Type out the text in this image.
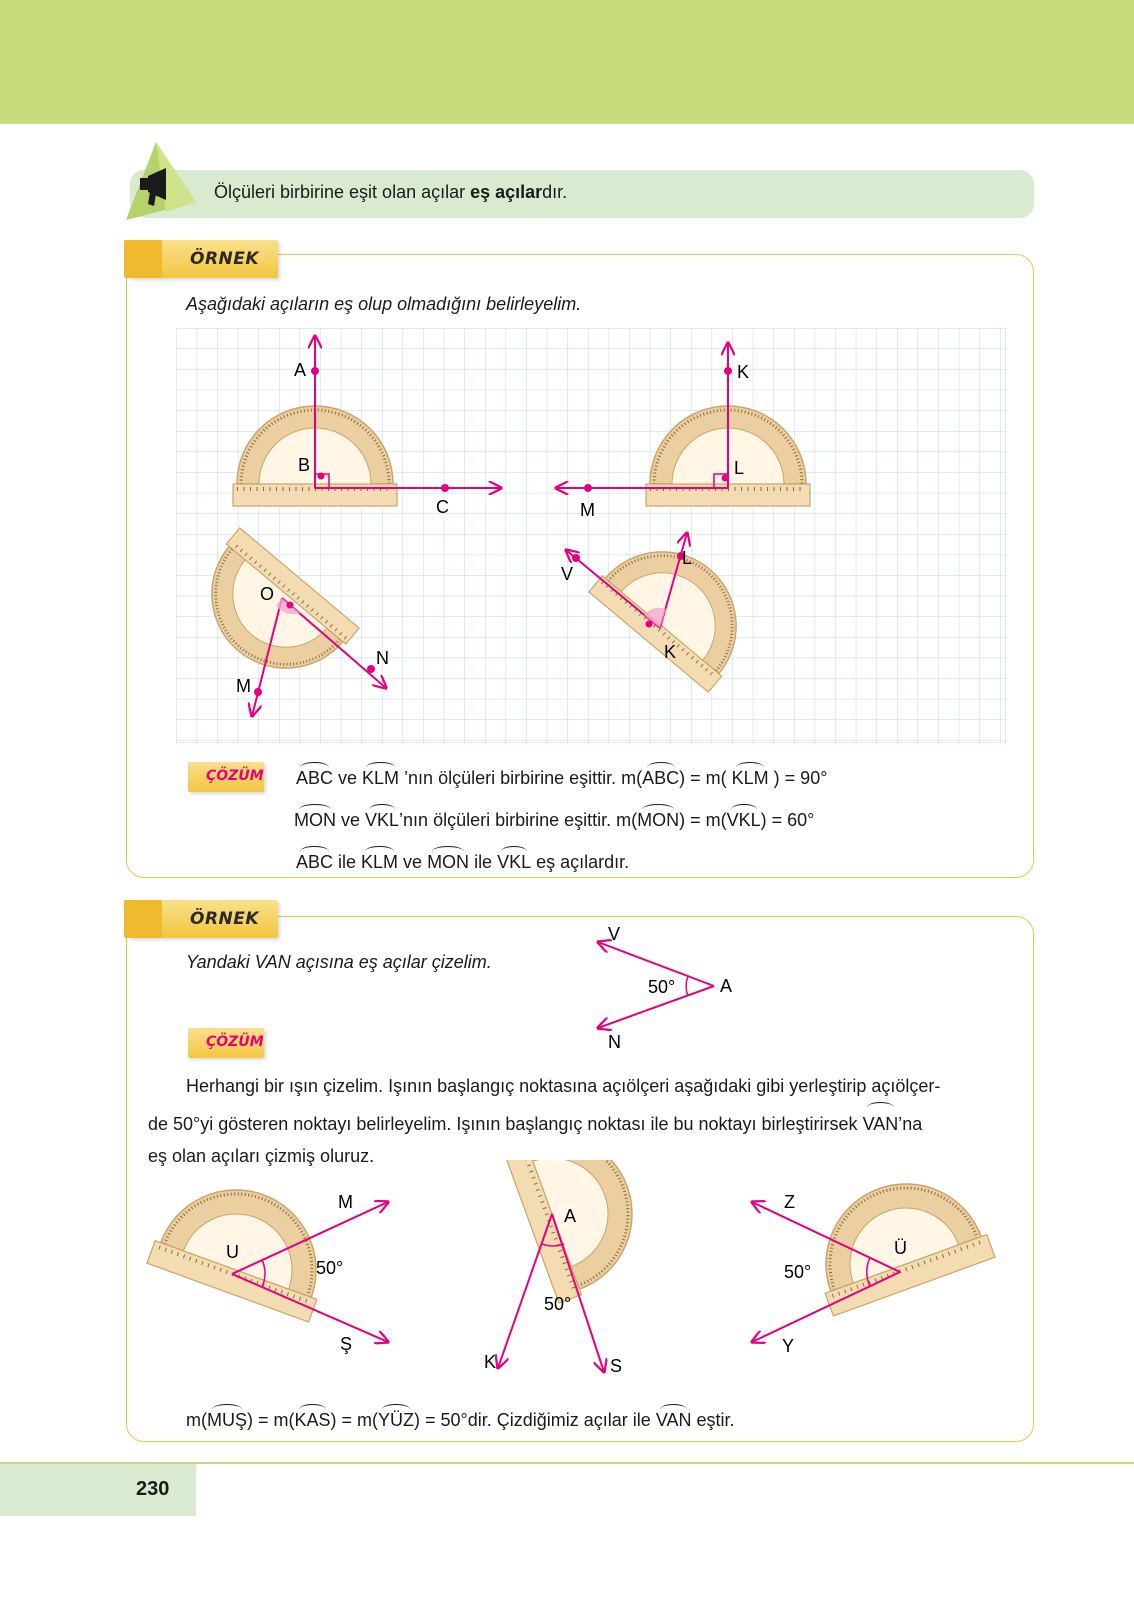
Ölçüleri birbirine eşit olan açılar eş açılardır.
ÖRNEK
Aşağıdaki açıların eş olup olmadığını belirleyelim.
A
B
C
K
L
M
O
N
M
V
L
K
ÇÖZÜM ABC ve KLM ’nın ölçüleri birbirine eşittir. m(ABC) = m( KLM ) = 90°
MON ve VKL’nın ölçüleri birbirine eşittir. m(MON) = m(VKL) = 60°
ABC ile KLM ve MON ile VKL eş açılardır.
ÖRNEK
Yandaki VAN açısına eş açılar çizelim.
V
A
N
50°
ÇÖZÜM
Herhangi bir ışın çizelim. Işının başlangıç noktasına açıölçeri aşağıdaki gibi yerleştirip açıölçer-
de 50°yi gösteren noktayı belirleyelim. Işının başlangıç noktası ile bu noktayı birleştirirsek VAN’na
eş olan açıları çizmiş oluruz.
M
U
Ş
50°
A
K	S
50°
Z
Ü
Y
50°
m(MUŞ) = m(KAS) = m(YÜZ) = 50°dir. Çizdiğimiz açılar ile VAN eştir.
230
